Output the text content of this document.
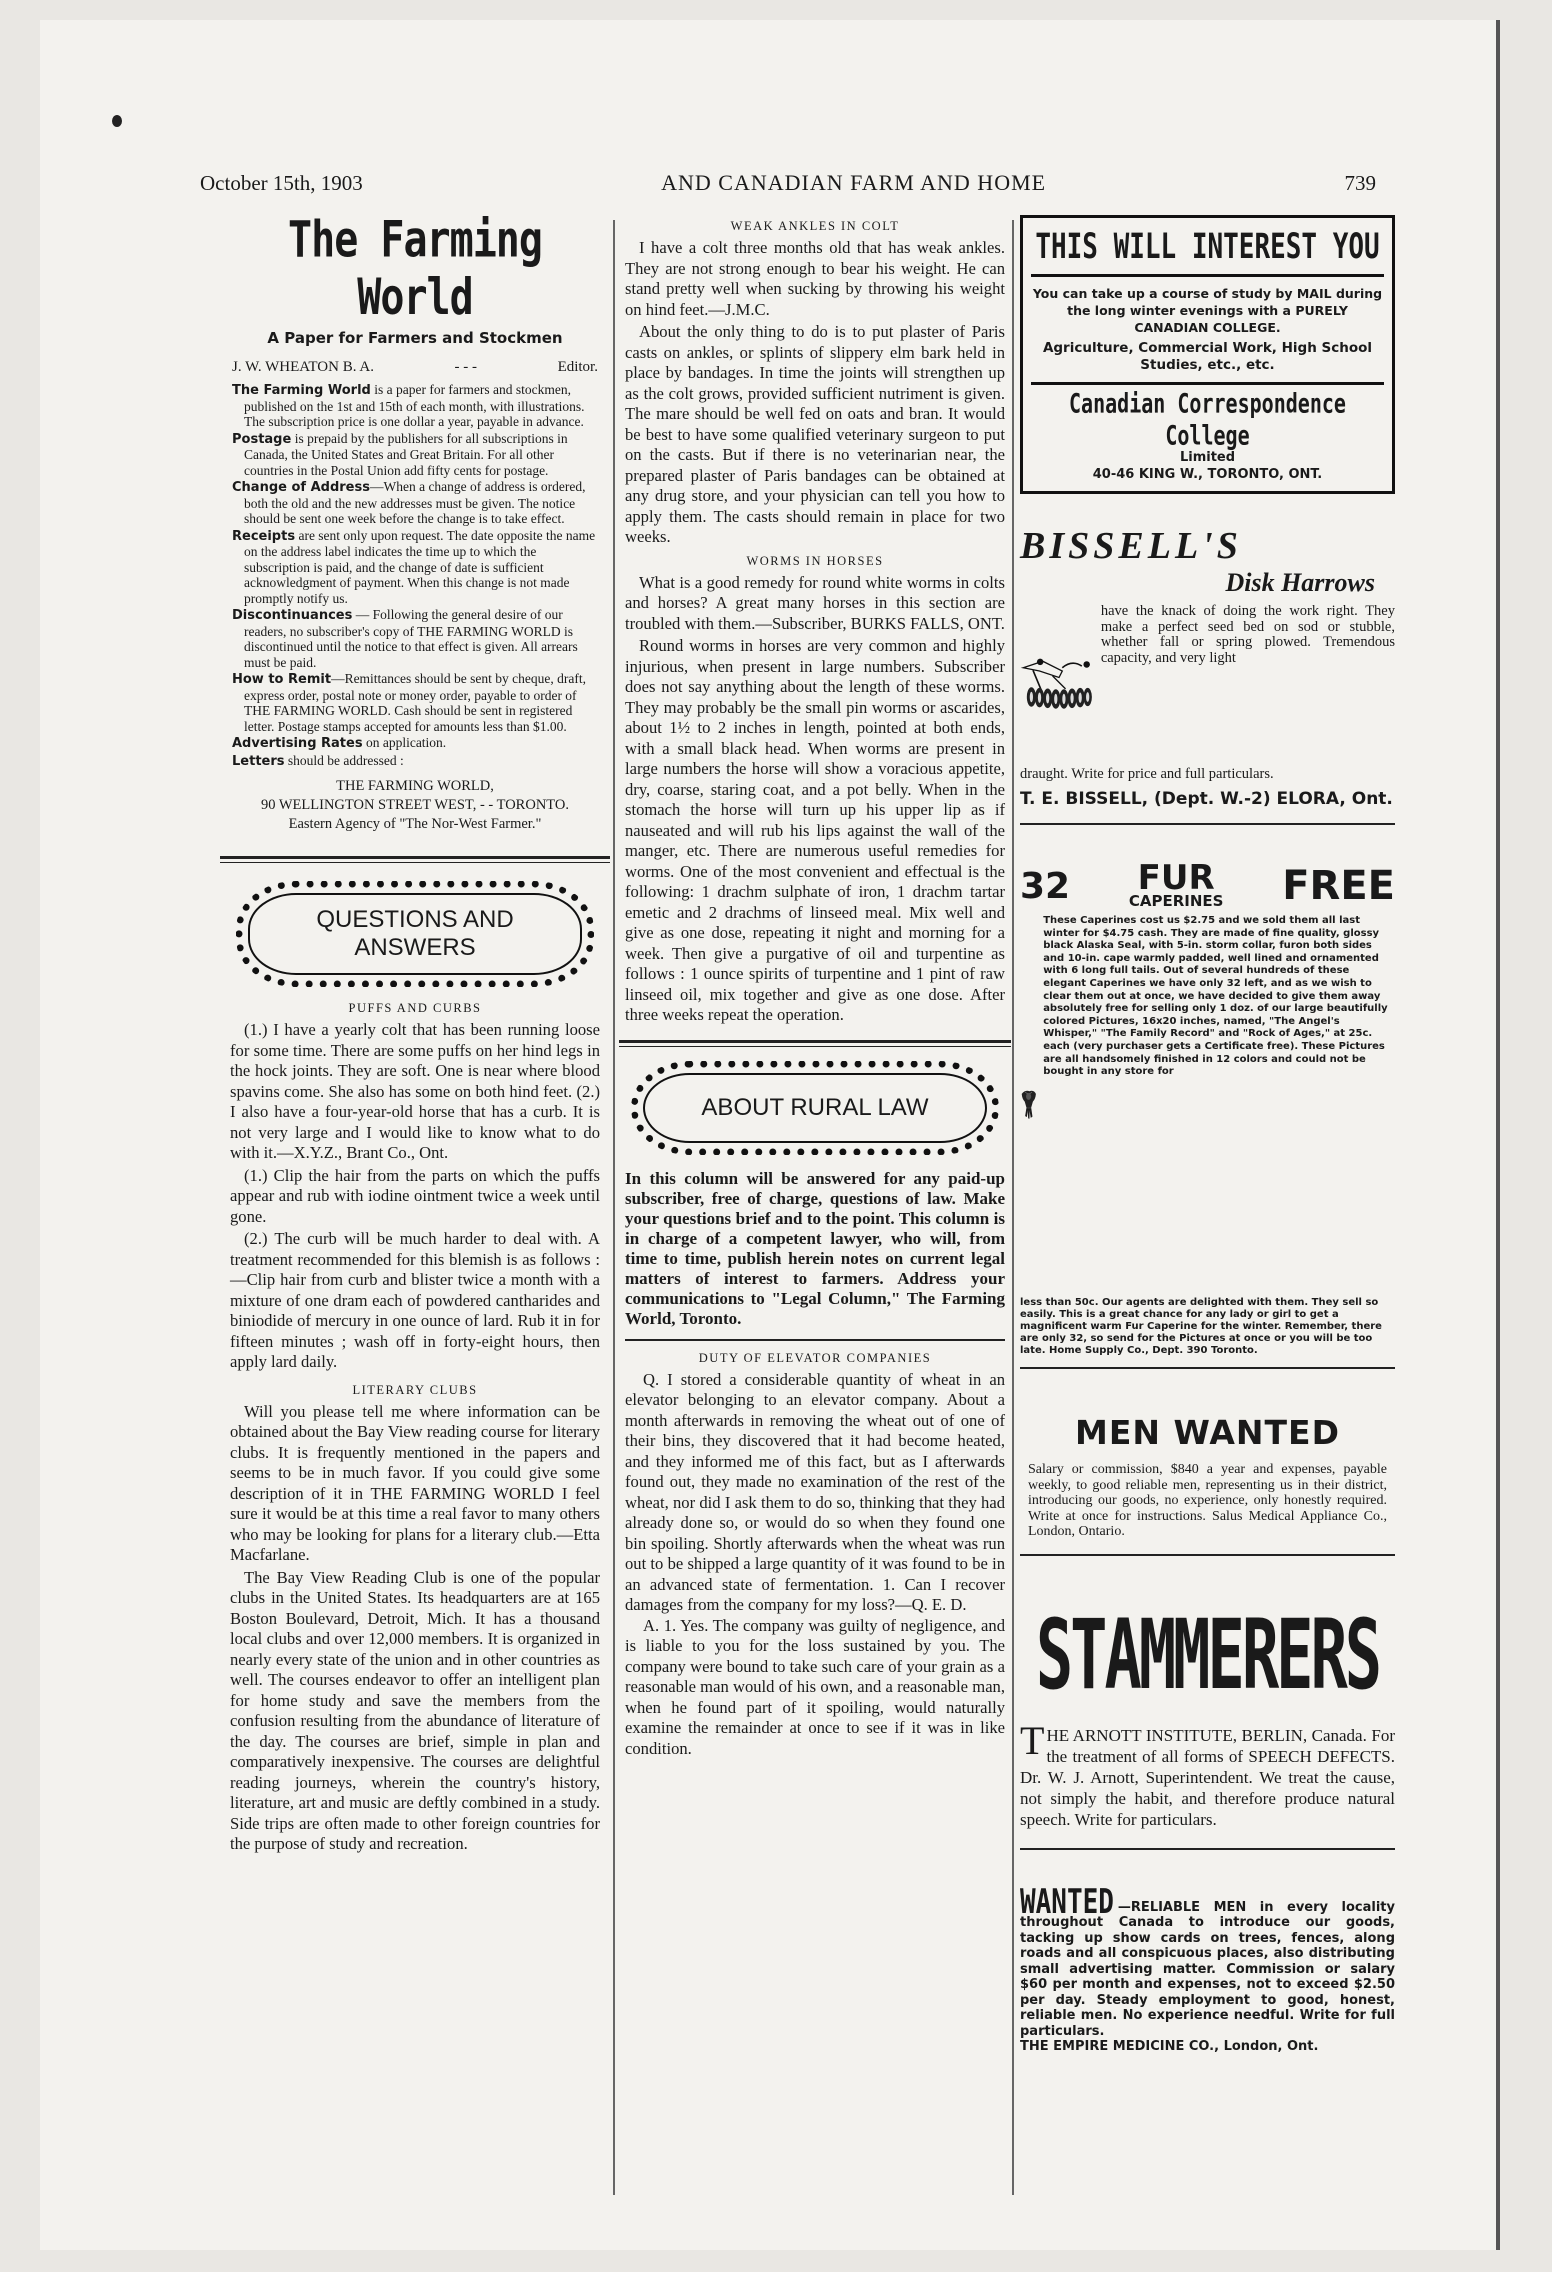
October 15th, 1903	AND CANADIAN FARM AND HOME	739
The Farming World
A Paper for Farmers and Stockmen
J. W. WHEATON B. A.	- - -	Editor.

The Farming World is a paper for farmers and stockmen, published on the 1st and 15th of each month, with illustrations. The subscription price is one dollar a year, payable in advance.

Postage is prepaid by the publishers for all subscriptions in Canada, the United States and Great Britain. For all other countries in the Postal Union add fifty cents for postage.

Change of Address—When a change of address is ordered, both the old and the new addresses must be given. The notice should be sent one week before the change is to take effect.

Receipts are sent only upon request. The date opposite the name on the address label indicates the time up to which the subscription is paid, and the change of date is sufficient acknowledgment of payment. When this change is not made promptly notify us.

Discontinuances — Following the general desire of our readers, no subscriber's copy of THE FARMING WORLD is discontinued until the notice to that effect is given. All arrears must be paid.

How to Remit—Remittances should be sent by cheque, draft, express order, postal note or money order, payable to order of THE FARMING WORLD. Cash should be sent in registered letter. Postage stamps accepted for amounts less than $1.00.

Advertising Rates on application.

Letters should be addressed :

THE FARMING WORLD,
90 WELLINGTON STREET WEST, - - TORONTO.
Eastern Agency of "The Nor-West Farmer."
QUESTIONS AND
ANSWERS
PUFFS AND CURBS

(1.) I have a yearly colt that has been running loose for some time. There are some puffs on her hind legs in the hock joints. They are soft. One is near where blood spavins come. She also has some on both hind feet. (2.) I also have a four-year-old horse that has a curb. It is not very large and I would like to know what to do with it.—X.Y.Z., Brant Co., Ont.

(1.) Clip the hair from the parts on which the puffs appear and rub with iodine ointment twice a week until gone.

(2.) The curb will be much harder to deal with. A treatment recommended for this blemish is as follows :—Clip hair from curb and blister twice a month with a mixture of one dram each of powdered cantharides and biniodide of mercury in one ounce of lard. Rub it in for fifteen minutes ; wash off in forty-eight hours, then apply lard daily.

LITERARY CLUBS

Will you please tell me where information can be obtained about the Bay View reading course for literary clubs. It is frequently mentioned in the papers and seems to be in much favor. If you could give some description of it in THE FARMING WORLD I feel sure it would be at this time a real favor to many others who may be looking for plans for a literary club.—Etta Macfarlane.

The Bay View Reading Club is one of the popular clubs in the United States. Its headquarters are at 165 Boston Boulevard, Detroit, Mich. It has a thousand local clubs and over 12,000 members. It is organized in nearly every state of the union and in other countries as well. The courses endeavor to offer an intelligent plan for home study and save the members from the confusion resulting from the abundance of literature of the day. The courses are brief, simple in plan and comparatively inexpensive. The courses are delightful reading journeys, wherein the country's history, literature, art and music are deftly combined in a study. Side trips are often made to other foreign countries for the purpose of study and recreation.

WEAK ANKLES IN COLT

I have a colt three months old that has weak ankles. They are not strong enough to bear his weight. He can stand pretty well when sucking by throwing his weight on hind feet.—J.M.C.

About the only thing to do is to put plaster of Paris casts on ankles, or splints of slippery elm bark held in place by bandages. In time the joints will strengthen up as the colt grows, provided sufficient nutriment is given. The mare should be well fed on oats and bran. It would be best to have some qualified veterinary surgeon to put on the casts. But if there is no veterinarian near, the prepared plaster of Paris bandages can be obtained at any drug store, and your physician can tell you how to apply them. The casts should remain in place for two weeks.

WORMS IN HORSES

What is a good remedy for round white worms in colts and horses? A great many horses in this section are troubled with them.—Subscriber, BURKS FALLS, ONT.

Round worms in horses are very common and highly injurious, when present in large numbers. Subscriber does not say anything about the length of these worms. They may probably be the small pin worms or ascarides, about 1½ to 2 inches in length, pointed at both ends, with a small black head. When worms are present in large numbers the horse will show a voracious appetite, dry, coarse, staring coat, and a pot belly. When in the stomach the horse will turn up his upper lip as if nauseated and will rub his lips against the wall of the manger, etc. There are numerous useful remedies for worms. One of the most convenient and effectual is the following: 1 drachm sulphate of iron, 1 drachm tartar emetic and 2 drachms of linseed meal. Mix well and give as one dose, repeating it night and morning for a week. Then give a purgative of oil and turpentine as follows : 1 ounce spirits of turpentine and 1 pint of raw linseed oil, mix together and give as one dose. After three weeks repeat the operation.

ABOUT RURAL LAW

In this column will be answered for any paid-up subscriber, free of charge, questions of law. Make your questions brief and to the point. This column is in charge of a competent lawyer, who will, from time to time, publish herein notes on current legal matters of interest to farmers. Address your communications to "Legal Column," The Farming World, Toronto.

DUTY OF ELEVATOR COMPANIES

Q. I stored a considerable quantity of wheat in an elevator belonging to an elevator company. About a month afterwards in removing the wheat out of one of their bins, they discovered that it had become heated, and they informed me of this fact, but as I afterwards found out, they made no examination of the rest of the wheat, nor did I ask them to do so, thinking that they had already done so, or would do so when they found one bin spoiling. Shortly afterwards when the wheat was run out to be shipped a large quantity of it was found to be in an advanced state of fermentation. 1. Can I recover damages from the company for my loss?—Q. E. D.

A. 1. Yes. The company was guilty of negligence, and is liable to you for the loss sustained by you. The company were bound to take such care of your grain as a reasonable man would of his own, and a reasonable man, when he found part of it spoiling, would naturally examine the remainder at once to see if it was in like condition.

THIS WILL INTEREST YOU
You can take up a course of study by MAIL during the long winter evenings with a PURELY CANADIAN COLLEGE.
Agriculture, Commercial Work, High School Studies, etc., etc.
Canadian Correspondence College
Limited
40-46 KING W., TORONTO, ONT.
BISSELL'S
Disk Harrows
have the knack of doing the work right. They make a perfect seed bed on sod or stubble, whether fall or spring plowed. Tremendous capacity, and very light
draught. Write for price and full particulars.
T. E. BISSELL, (Dept. W.-2) ELORA, Ont.
32 FUR
CAPERINES FREE
These Caperines cost us $2.75 and we sold them all last winter for $4.75 cash. They are made of fine quality, glossy black Alaska Seal, with 5-in. storm collar, furon both sides and 10-in. cape warmly padded, well lined and ornamented with 6 long full tails. Out of several hundreds of these elegant Caperines we have only 32 left, and as we wish to clear them out at once, we have decided to give them away absolutely free for selling only 1 doz. of our large beautifully colored Pictures, 16x20 inches, named, "The Angel's Whisper," "The Family Record" and "Rock of Ages," at 25c. each (very purchaser gets a Certificate free). These Pictures are all handsomely finished in 12 colors and could not be bought in any store for
less than 50c. Our agents are delighted with them. They sell so easily. This is a great chance for any lady or girl to get a magnificent warm Fur Caperine for the winter. Remember, there are only 32, so send for the Pictures at once or you will be too late. Home Supply Co., Dept. 390 Toronto.
MEN WANTED
Salary or commission, $840 a year and expenses, payable weekly, to good reliable men, representing us in their district, introducing our goods, no experience, only honestly required. Write at once for instructions. Salus Medical Appliance Co., London, Ontario.
STAMMERERS
THE ARNOTT INSTITUTE, BERLIN, Canada. For the treatment of all forms of SPEECH DEFECTS. Dr. W. J. Arnott, Superintendent. We treat the cause, not simply the habit, and therefore produce natural speech. Write for particulars.
WANTED —RELIABLE MEN in every locality throughout Canada to introduce our goods, tacking up show cards on trees, fences, along roads and all conspicuous places, also distributing small advertising matter. Commission or salary $60 per month and expenses, not to exceed $2.50 per day. Steady employment to good, honest, reliable men. No experience needful. Write for full particulars.
THE EMPIRE MEDICINE CO., London, Ont.
